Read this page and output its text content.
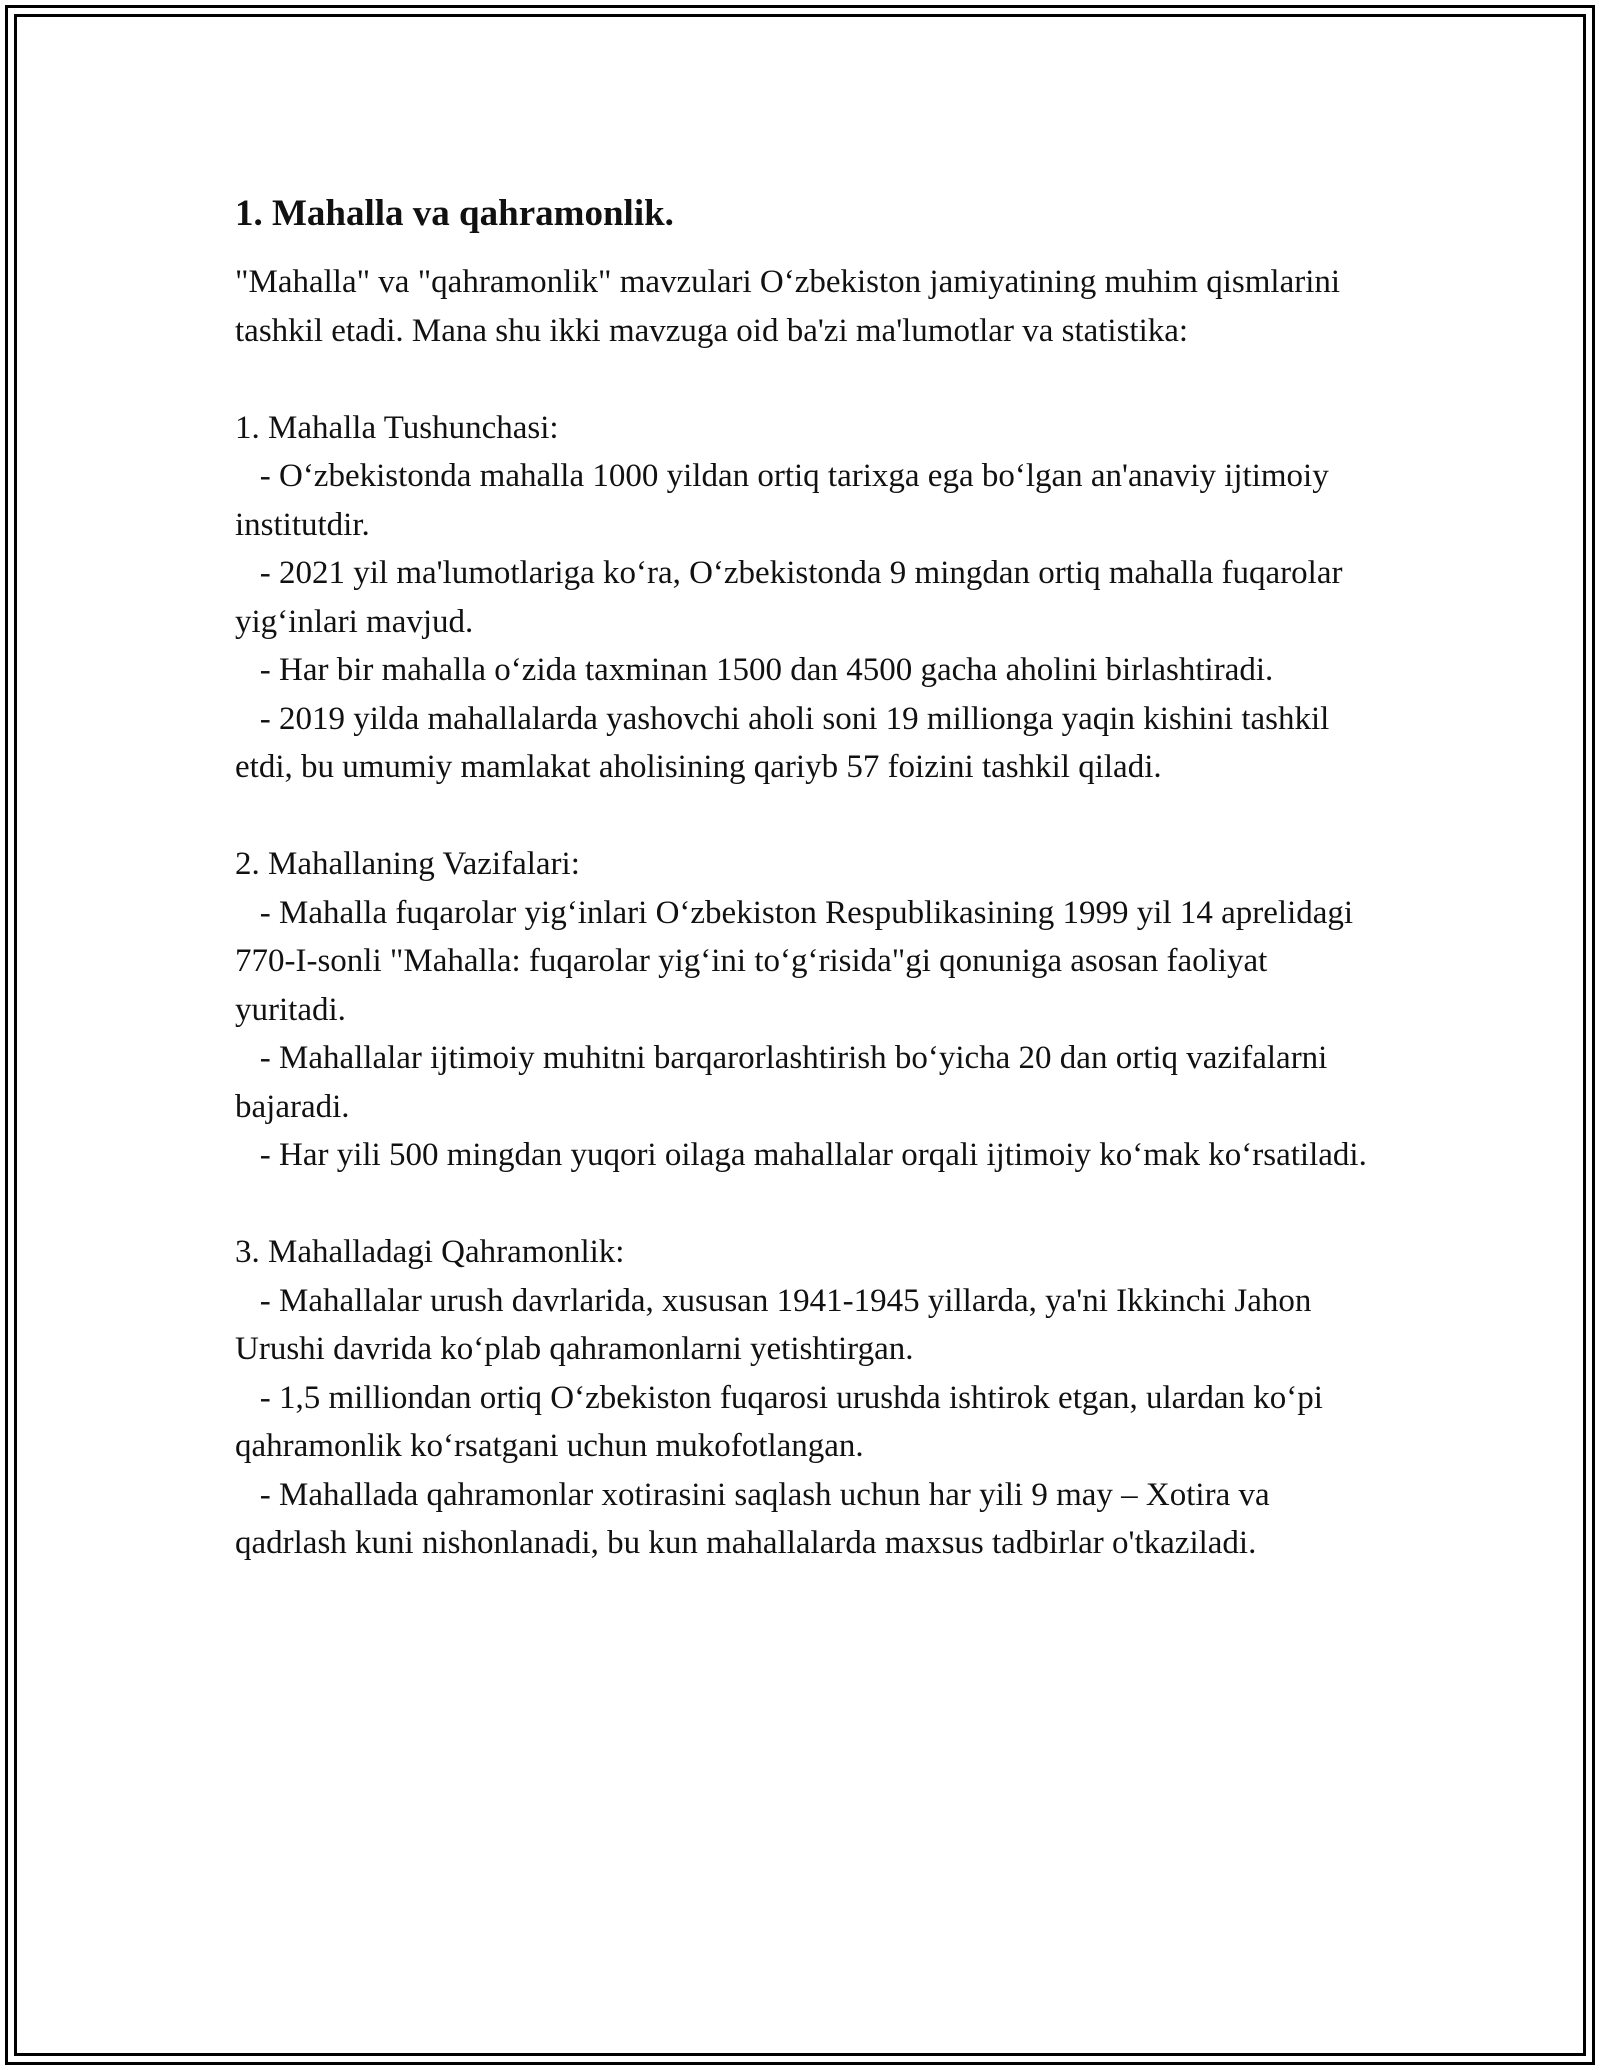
1. Mahalla va qahramonlik.

"Mahalla" va "qahramonlik" mavzulari O‘zbekiston jamiyatining muhim qismlarini tashkil etadi. Mana shu ikki mavzuga oid ba'zi ma'lumotlar va statistika:

1. Mahalla Tushunchasi:

- O‘zbekistonda mahalla 1000 yildan ortiq tarixga ega bo‘lgan an'anaviy ijtimoiy institutdir.

- 2021 yil ma'lumotlariga ko‘ra, O‘zbekistonda 9 mingdan ortiq mahalla fuqarolar yig‘inlari mavjud.

- Har bir mahalla o‘zida taxminan 1500 dan 4500 gacha aholini birlashtiradi.

- 2019 yilda mahallalarda yashovchi aholi soni 19 millionga yaqin kishini tashkil etdi, bu umumiy mamlakat aholisining qariyb 57 foizini tashkil qiladi.

2. Mahallaning Vazifalari:

- Mahalla fuqarolar yig‘inlari O‘zbekiston Respublikasining 1999 yil 14 aprelidagi 770-I-sonli "Mahalla: fuqarolar yig‘ini to‘g‘risida"gi qonuniga asosan faoliyat yuritadi.

- Mahallalar ijtimoiy muhitni barqarorlashtirish bo‘yicha 20 dan ortiq vazifalarni bajaradi.

- Har yili 500 mingdan yuqori oilaga mahallalar orqali ijtimoiy ko‘mak ko‘rsatiladi.

3. Mahalladagi Qahramonlik:

- Mahallalar urush davrlarida, xususan 1941-1945 yillarda, ya'ni Ikkinchi Jahon Urushi davrida ko‘plab qahramonlarni yetishtirgan.

- 1,5 milliondan ortiq O‘zbekiston fuqarosi urushda ishtirok etgan, ulardan ko‘pi qahramonlik ko‘rsatgani uchun mukofotlangan.

- Mahallada qahramonlar xotirasini saqlash uchun har yili 9 may – Xotira va qadrlash kuni nishonlanadi, bu kun mahallalarda maxsus tadbirlar o'tkaziladi.
